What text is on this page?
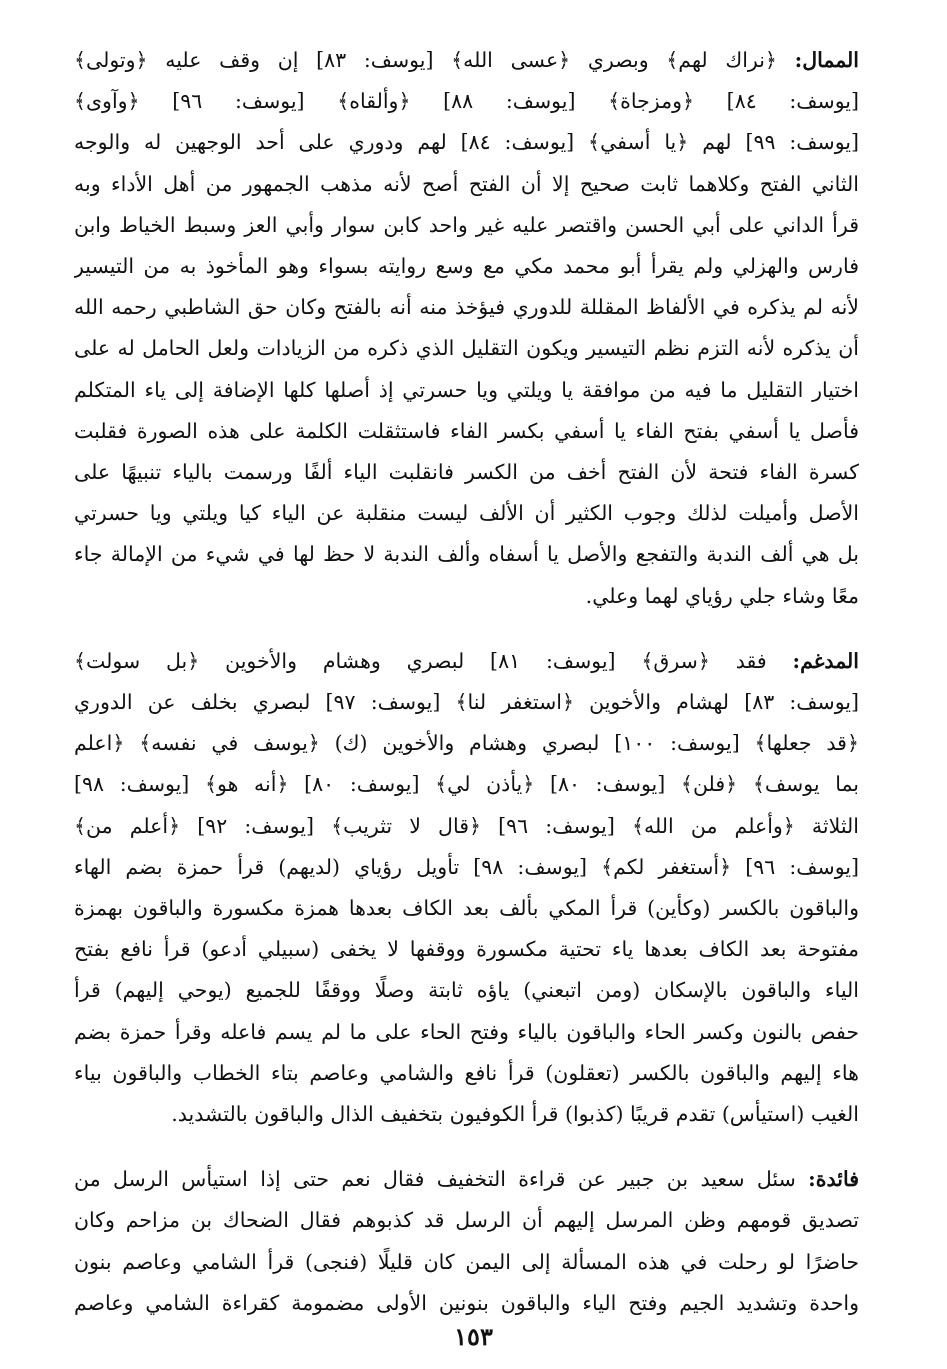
الممال: ﴿نراك لهم﴾ وبصري ﴿عسى الله﴾ [يوسف: ٨٣] إن وقف عليه ﴿وتولى﴾
[يوسف: ٨٤] ﴿ومزجاة﴾ [يوسف: ٨٨] ﴿وألقاه﴾ [يوسف: ٩٦] ﴿وآوى﴾
[يوسف: ٩٩] لهم ﴿يا أسفي﴾ [يوسف: ٨٤] لهم ودوري على أحد الوجهين له والوجه
الثاني الفتح وكلاهما ثابت صحيح إلا أن الفتح أصح لأنه مذهب الجمهور من أهل الأداء وبه
قرأ الداني على أبي الحسن واقتصر عليه غير واحد كابن سوار وأبي العز وسبط الخياط وابن
فارس والهزلي ولم يقرأ أبو محمد مكي مع وسع روايته بسواء وهو المأخوذ به من التيسير
لأنه لم يذكره في الألفاظ المقللة للدوري فيؤخذ منه أنه بالفتح وكان حق الشاطبي رحمه الله
أن يذكره لأنه التزم نظم التيسير ويكون التقليل الذي ذكره من الزيادات ولعل الحامل له على
اختيار التقليل ما فيه من موافقة يا ويلتي ويا حسرتي إذ أصلها كلها الإضافة إلى ياء المتكلم
فأصل يا أسفي بفتح الفاء يا أسفي بكسر الفاء فاستثقلت الكلمة على هذه الصورة فقلبت
كسرة الفاء فتحة لأن الفتح أخف من الكسر فانقلبت الياء ألفًا ورسمت بالياء تنبيهًا على
الأصل وأميلت لذلك وجوب الكثير أن الألف ليست منقلبة عن الياء كيا ويلتي ويا حسرتي
بل هي ألف الندبة والتفجع والأصل يا أسفاه وألف الندبة لا حظ لها في شيء من الإمالة جاء
معًا وشاء جلي رؤياي لهما وعلي.
المدغم: فقد ﴿سرق﴾ [يوسف: ٨١] لبصري وهشام والأخوين ﴿بل سولت﴾
[يوسف: ٨٣] لهشام والأخوين ﴿استغفر لنا﴾ [يوسف: ٩٧] لبصري بخلف عن الدوري
﴿قد جعلها﴾ [يوسف: ١٠٠] لبصري وهشام والأخوين (ك) ﴿يوسف في نفسه﴾ ﴿اعلم
بما يوسف﴾ ﴿فلن﴾ [يوسف: ٨٠] ﴿يأذن لي﴾ [يوسف: ٨٠] ﴿أنه هو﴾ [يوسف: ٩٨]
الثلاثة ﴿وأعلم من الله﴾ [يوسف: ٩٦] ﴿قال لا تثريب﴾ [يوسف: ٩٢] ﴿أعلم من﴾
[يوسف: ٩٦] ﴿أستغفر لكم﴾ [يوسف: ٩٨] تأويل رؤياي (لديهم) قرأ حمزة بضم الهاء
والباقون بالكسر (وكأين) قرأ المكي بألف بعد الكاف بعدها همزة مكسورة والباقون بهمزة
مفتوحة بعد الكاف بعدها ياء تحتية مكسورة ووقفها لا يخفى (سبيلي أدعو) قرأ نافع بفتح
الياء والباقون بالإسكان (ومن اتبعني) ياؤه ثابتة وصلًا ووقفًا للجميع (يوحي إليهم) قرأ
حفص بالنون وكسر الحاء والباقون بالياء وفتح الحاء على ما لم يسم فاعله وقرأ حمزة بضم
هاء إليهم والباقون بالكسر (تعقلون) قرأ نافع والشامي وعاصم بتاء الخطاب والباقون بياء
الغيب (استيأس) تقدم قريبًا (كذبوا) قرأ الكوفيون بتخفيف الذال والباقون بالتشديد.
فائدة: سئل سعيد بن جبير عن قراءة التخفيف فقال نعم حتى إذا استيأس الرسل من
تصديق قومهم وظن المرسل إليهم أن الرسل قد كذبوهم فقال الضحاك بن مزاحم وكان
حاضرًا لو رحلت في هذه المسألة إلى اليمن كان قليلًا (فنجى) قرأ الشامي وعاصم بنون
واحدة وتشديد الجيم وفتح الياء والباقون بنونين الأولى مضمومة كقراءة الشامي وعاصم
١٥٣
